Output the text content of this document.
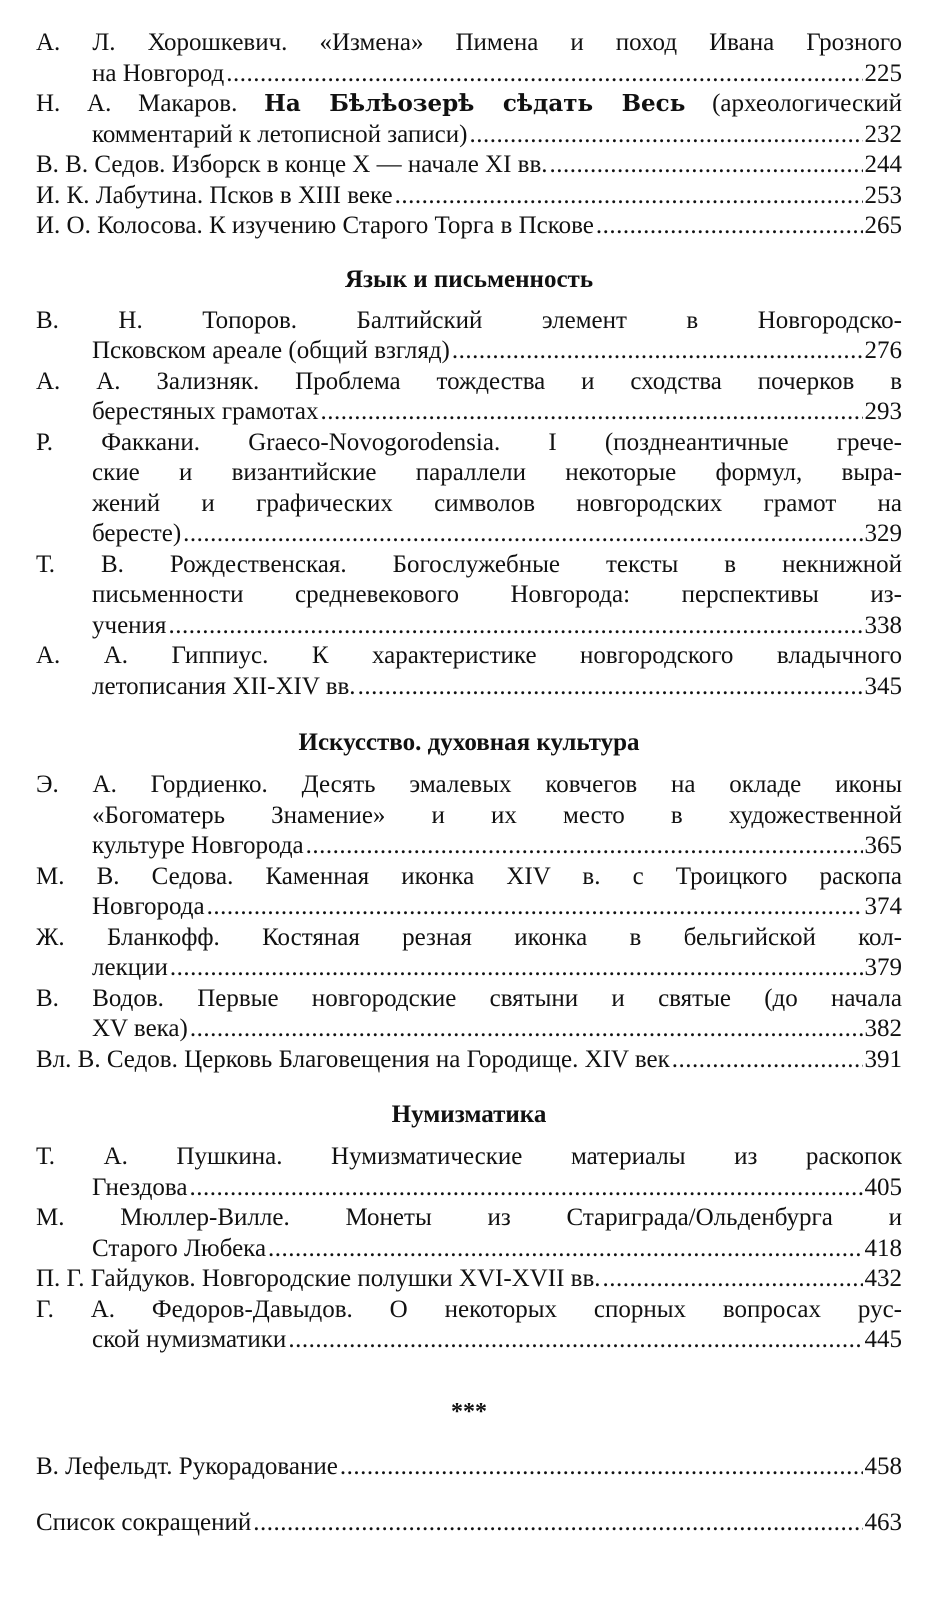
А. Л. Хорошкевич. «Измена» Пимена и поход Ивана Грозного
на Новгород .....	225
Н. А. Макаров. На Бѣлѣозерѣ сѣдать Весь (археологический
комментарий к летописной записи) .....	232
В. В. Седов. Изборск в конце X — начале XI вв. .....	244
И. К. Лабутина. Псков в XIII веке .....	253
И. О. Колосова. К изучению Старого Торга в Пскове .....	265
Язык и письменность
В. Н. Топоров. Балтийский элемент в Новгородско-
Псковском ареале (общий взгляд) .....	276
А. А. Зализняк. Проблема тождества и сходства почерков в
берестяных грамотах .....	293
Р. Факкани. Graeco-Novogorodensia. I (позднеантичные грече-
ские и византийские параллели некоторые формул, выра-
жений и графических символов новгородских грамот на
бересте) .....	329
Т. В. Рождественская. Богослужебные тексты в некнижной
письменности средневекового Новгорода: перспективы из-
учения .....	338
А. А. Гиппиус. К характеристике новгородского владычного
летописания XII-XIV вв. .....	345
Искусство. духовная культура
Э. А. Гордиенко. Десять эмалевых ковчегов на окладе иконы
«Богоматерь Знамение» и их место в художественной
культуре Новгорода .....	365
М. В. Седова. Каменная иконка XIV в. с Троицкого раскопа
Новгорода .....	374
Ж. Бланкофф. Костяная резная иконка в бельгийской кол-
лекции .....	379
В. Водов. Первые новгородские святыни и святые (до начала
XV века) .....	382
Вл. В. Седов. Церковь Благовещения на Городище. XIV век .....	391
Нумизматика
Т. А. Пушкина. Нумизматические материалы из раскопок
Гнездова .....	405
М. Мюллер-Вилле. Монеты из Стариграда/Ольденбурга и
Старого Любека .....	418
П. Г. Гайдуков. Новгородские полушки XVI-XVII вв. .....	432
Г. А. Федоров-Давыдов. О некоторых спорных вопросах рус-
ской нумизматики .....	445
***
В. Лефельдт. Рукорадование .....	458
Список сокращений .....	463
